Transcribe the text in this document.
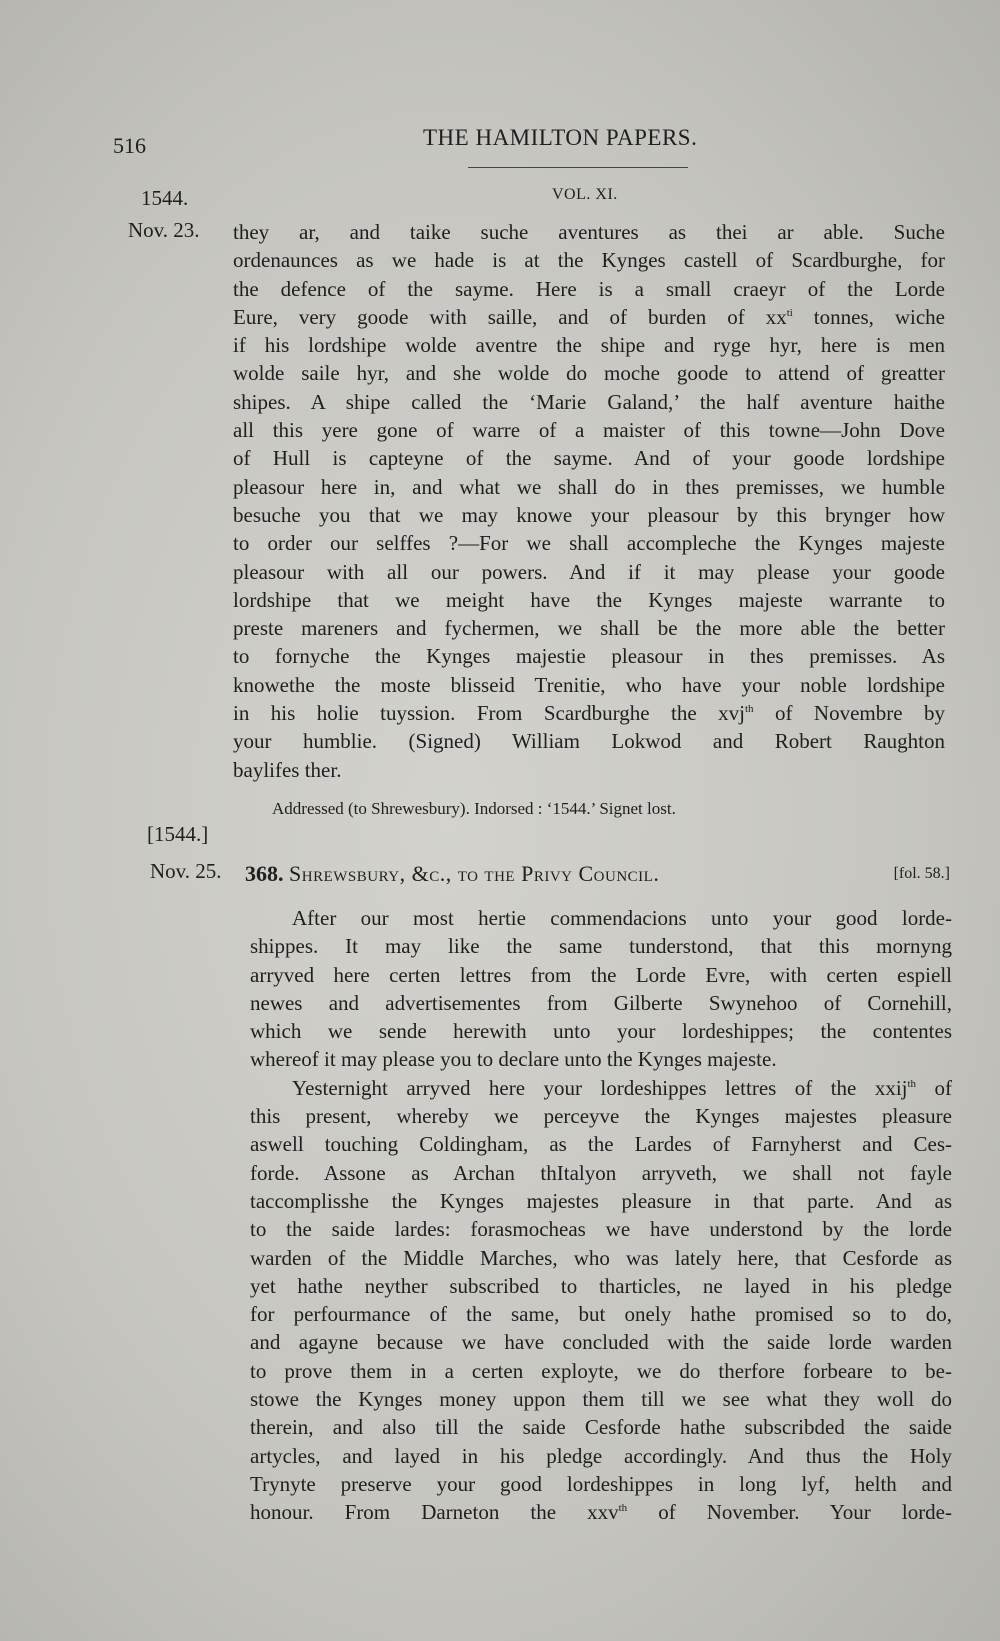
516	THE HAMILTON PAPERS.
1544.	VOL. XI.
Nov. 23. they ar, and taike suche aventures as thei ar able. Suche
ordenaunces as we hade is at the Kynges castell of Scardburghe, for
the defence of the sayme. Here is a small craeyr of the Lorde
Eure, very goode with saille, and of burden of $xx^{ti}$ tonnes, wiche
if his lordshipe wolde aventre the shipe and ryge hyr, here is men
wolde saile hyr, and she wolde do moche goode to attend of greatter
shipes. A shipe called the ‘Marie Galand,’ the half aventure haithe
all this yere gone of warre of a maister of this towne—John Dove
of Hull is capteyne of the sayme. And of your goode lordshipe
pleasour here in, and what we shall do in thes premisses, we humble
besuche you that we may knowe your pleasour by this brynger how
to order our selffes ?—For we shall accompleche the Kynges majeste
pleasour with all our powers. And if it may please your goode
lordshipe that we meight have the Kynges majeste warrante to
preste mareners and fychermen, we shall be the more able the better
to fornyche the Kynges majestie pleasour in thes premisses. As
knowethe the moste blisseid Trenitie, who have your noble lordshipe
in his holie tuyssion. From Scardburghe the xvj$^{th}$ of Novembre by
your humblie. (Signed) William Lokwod and Robert Raughton
baylifes ther.
Addressed (to Shrewesbury). Indorsed : ‘1544.’ Signet lost.
[1544.]
Nov. 25. 368. Shrewsbury, &c., to the Privy Council.	[fol. 58.]
After our most hertie commendacions unto your good lorde-
shippes. It may like the same tunderstond, that this mornyng
arryved here certen lettres from the Lorde Evre, with certen espiell
newes and advertisementes from Gilberte Swynehoo of Cornehill,
which we sende herewith unto your lordeshippes; the contentes
whereof it may please you to declare unto the Kynges majeste.
Yesternight arryved here your lordeshippes lettres of the xxij$^{th}$ of
this present, whereby we perceyve the Kynges majestes pleasure
aswell touching Coldingham, as the Lardes of Farnyherst and Ces-
forde. Assone as Archan thItalyon arryveth, we shall not fayle
taccomplisshe the Kynges majestes pleasure in that parte. And as
to the saide lardes: forasmocheas we have understond by the lorde
warden of the Middle Marches, who was lately here, that Cesforde as
yet hathe neyther subscribed to tharticles, ne layed in his pledge
for perfourmance of the same, but onely hathe promised so to do,
and agayne because we have concluded with the saide lorde warden
to prove them in a certen exployte, we do therfore forbeare to be-
stowe the Kynges money uppon them till we see what they woll do
therein, and also till the saide Cesforde hathe subscribded the saide
artycles, and layed in his pledge accordingly. And thus the Holy
Trynyte preserve your good lordeshippes in long lyf, helth and
honour. From Darneton the xxv$^{th}$ of November. Your lorde-
